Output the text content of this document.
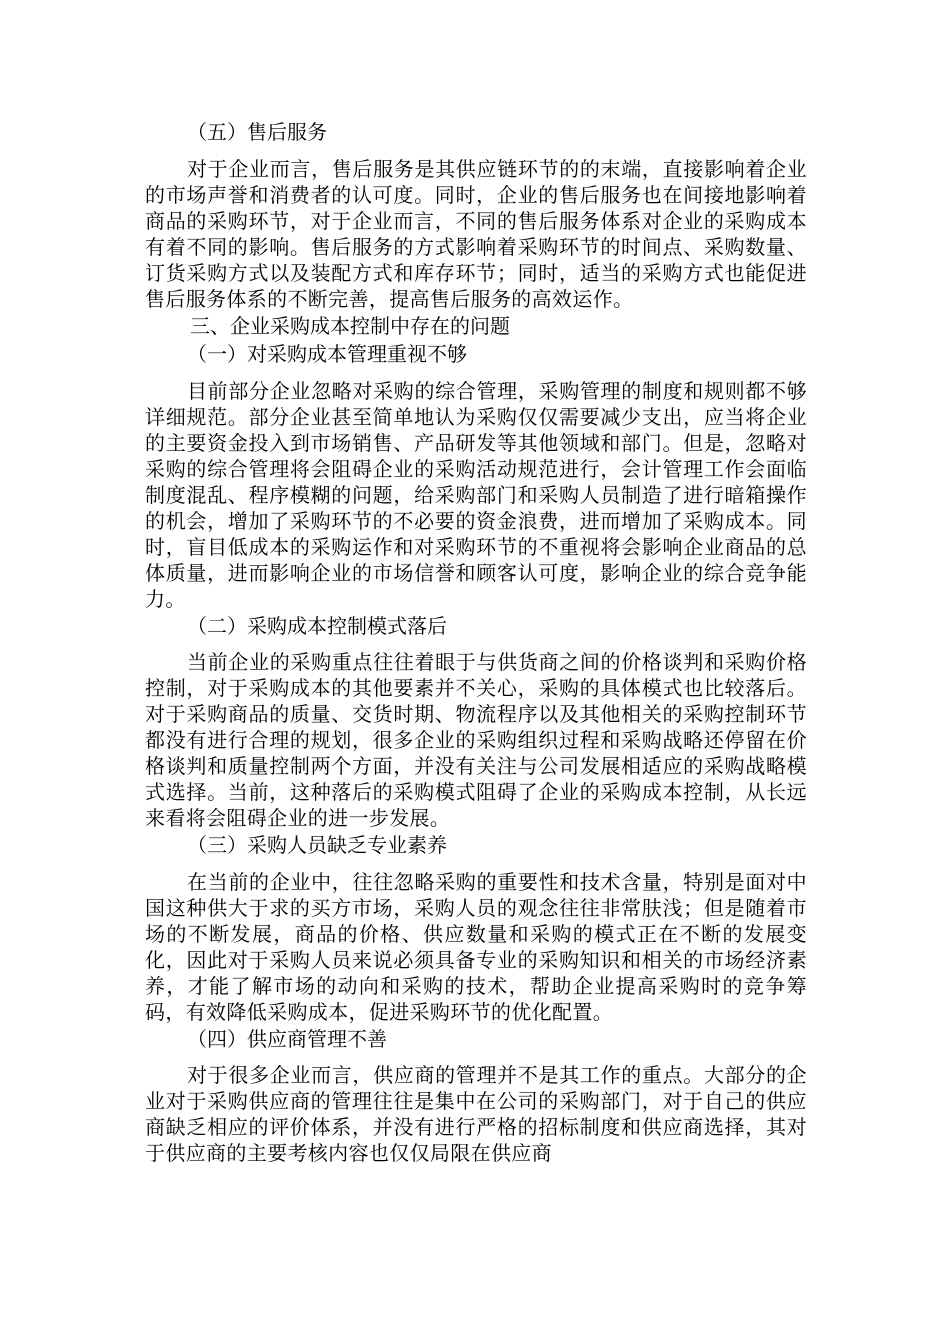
（五）售后服务

对于企业而言，售后服务是其供应链环节的的末端，直接影响着企业的市场声誉和消费者的认可度。同时，企业的售后服务也在间接地影响着商品的采购环节，对于企业而言，不同的售后服务体系对企业的采购成本有着不同的影响。售后服务的方式影响着采购环节的时间点、采购数量、订货采购方式以及装配方式和库存环节；同时，适当的采购方式也能促进售后服务体系的不断完善，提高售后服务的高效运作。

三、企业采购成本控制中存在的问题
（一）对采购成本管理重视不够

目前部分企业忽略对采购的综合管理，采购管理的制度和规则都不够详细规范。部分企业甚至简单地认为采购仅仅需要减少支出，应当将企业的主要资金投入到市场销售、产品研发等其他领域和部门。但是，忽略对采购的综合管理将会阻碍企业的采购活动规范进行，会计管理工作会面临制度混乱、程序模糊的问题，给采购部门和采购人员制造了进行暗箱操作的机会，增加了采购环节的不必要的资金浪费，进而增加了采购成本。同时，盲目低成本的采购运作和对采购环节的不重视将会影响企业商品的总体质量，进而影响企业的市场信誉和顾客认可度，影响企业的综合竞争能力。

（二）采购成本控制模式落后

当前企业的采购重点往往着眼于与供货商之间的价格谈判和采购价格控制，对于采购成本的其他要素并不关心，采购的具体模式也比较落后。对于采购商品的质量、交货时期、物流程序以及其他相关的采购控制环节都没有进行合理的规划，很多企业的采购组织过程和采购战略还停留在价格谈判和质量控制两个方面，并没有关注与公司发展相适应的采购战略模式选择。当前，这种落后的采购模式阻碍了企业的采购成本控制，从长远来看将会阻碍企业的进一步发展。

（三）采购人员缺乏专业素养

在当前的企业中，往往忽略采购的重要性和技术含量，特别是面对中国这种供大于求的买方市场，采购人员的观念往往非常肤浅；但是随着市场的不断发展，商品的价格、供应数量和采购的模式正在不断的发展变化，因此对于采购人员来说必须具备专业的采购知识和相关的市场经济素养，才能了解市场的动向和采购的技术，帮助企业提高采购时的竞争筹码，有效降低采购成本，促进采购环节的优化配置。

（四）供应商管理不善

对于很多企业而言，供应商的管理并不是其工作的重点。大部分的企业对于采购供应商的管理往往是集中在公司的采购部门，对于自己的供应商缺乏相应的评价体系，并没有进行严格的招标制度和供应商选择，其对于供应商的主要考核内容也仅仅局限在供应商
